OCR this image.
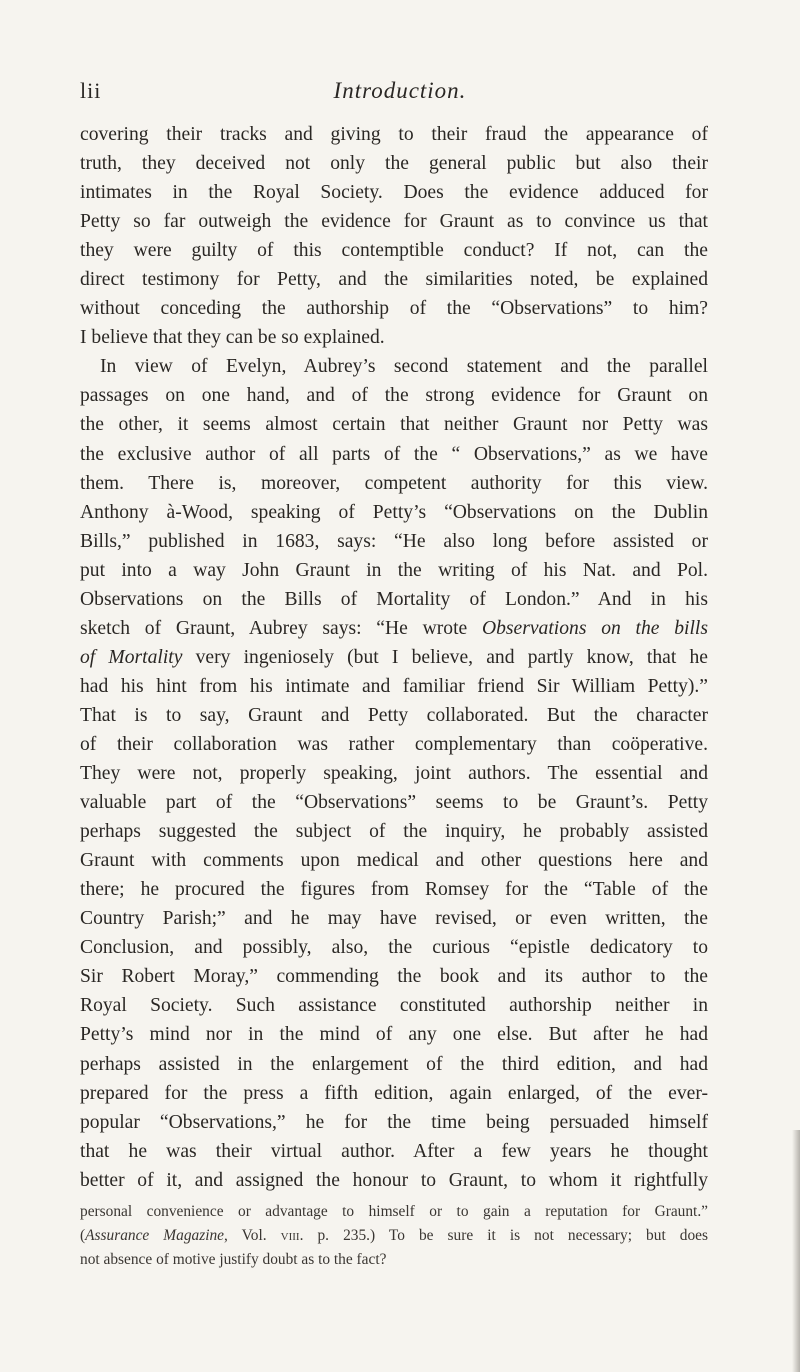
lii	Introduction.
covering their tracks and giving to their fraud the appearance of
truth, they deceived not only the general public but also their
intimates in the Royal Society. Does the evidence adduced for
Petty so far outweigh the evidence for Graunt as to convince us that
they were guilty of this contemptible conduct? If not, can the
direct testimony for Petty, and the similarities noted, be explained
without conceding the authorship of the “Observations” to him?
I believe that they can be so explained.
In view of Evelyn, Aubrey’s second statement and the parallel
passages on one hand, and of the strong evidence for Graunt on
the other, it seems almost certain that neither Graunt nor Petty was
the exclusive author of all parts of the “ Observations,” as we have
them. There is, moreover, competent authority for this view.
Anthony à-Wood, speaking of Petty’s “Observations on the Dublin
Bills,” published in 1683, says: “He also long before assisted or
put into a way John Graunt in the writing of his Nat. and Pol.
Observations on the Bills of Mortality of London.” And in his
sketch of Graunt, Aubrey says: “He wrote Observations on the bills
of Mortality very ingeniosely (but I believe, and partly know, that he
had his hint from his intimate and familiar friend Sir William Petty).”
That is to say, Graunt and Petty collaborated. But the character
of their collaboration was rather complementary than coöperative.
They were not, properly speaking, joint authors. The essential and
valuable part of the “Observations” seems to be Graunt’s. Petty
perhaps suggested the subject of the inquiry, he probably assisted
Graunt with comments upon medical and other questions here and
there; he procured the figures from Romsey for the “Table of the
Country Parish;” and he may have revised, or even written, the
Conclusion, and possibly, also, the curious “epistle dedicatory to
Sir Robert Moray,” commending the book and its author to the
Royal Society. Such assistance constituted authorship neither in
Petty’s mind nor in the mind of any one else. But after he had
perhaps assisted in the enlargement of the third edition, and had
prepared for the press a fifth edition, again enlarged, of the ever-
popular “Observations,” he for the time being persuaded himself
that he was their virtual author. After a few years he thought
better of it, and assigned the honour to Graunt, to whom it rightfully
personal convenience or advantage to himself or to gain a reputation for Graunt.”
(Assurance Magazine, Vol. viii. p. 235.) To be sure it is not necessary; but does
not absence of motive justify doubt as to the fact?
